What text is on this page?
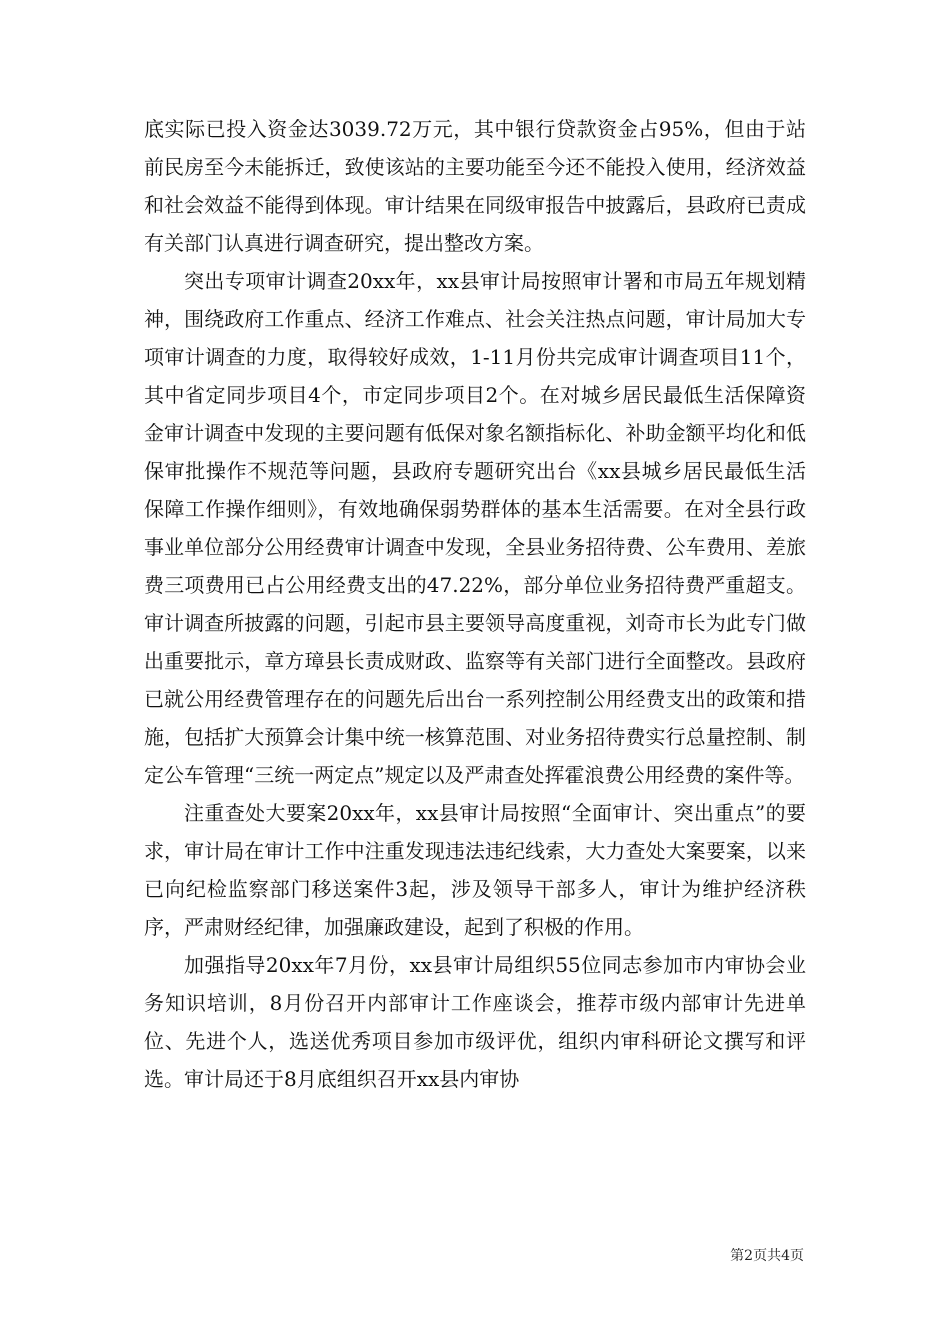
底实际已投入资金达3039.72万元，其中银行贷款资金占95%，但由于站前民房至今未能拆迁，致使该站的主要功能至今还不能投入使用，经济效益和社会效益不能得到体现。审计结果在同级审报告中披露后，县政府已责成有关部门认真进行调查研究，提出整改方案。

突出专项审计调查20xx年，xx县审计局按照审计署和市局五年规划精神，围绕政府工作重点、经济工作难点、社会关注热点问题，审计局加大专项审计调查的力度，取得较好成效，1-11月份共完成审计调查项目11个，其中省定同步项目4个，市定同步项目2个。在对城乡居民最低生活保障资金审计调查中发现的主要问题有低保对象名额指标化、补助金额平均化和低保审批操作不规范等问题，县政府专题研究出台《xx县城乡居民最低生活保障工作操作细则》，有效地确保弱势群体的基本生活需要。在对全县行政事业单位部分公用经费审计调查中发现，全县业务招待费、公车费用、差旅费三项费用已占公用经费支出的47.22%，部分单位业务招待费严重超支。审计调查所披露的问题，引起市县主要领导高度重视，刘奇市长为此专门做出重要批示，章方璋县长责成财政、监察等有关部门进行全面整改。县政府已就公用经费管理存在的问题先后出台一系列控制公用经费支出的政策和措施，包括扩大预算会计集中统一核算范围、对业务招待费实行总量控制、制定公车管理“三统一两定点”规定以及严肃查处挥霍浪费公用经费的案件等。

注重查处大要案20xx年，xx县审计局按照“全面审计、突出重点”的要求，审计局在审计工作中注重发现违法违纪线索，大力查处大案要案，以来已向纪检监察部门移送案件3起，涉及领导干部多人，审计为维护经济秩序，严肃财经纪律，加强廉政建设，起到了积极的作用。

加强指导20xx年7月份，xx县审计局组织55位同志参加市内审协会业务知识培训，8月份召开内部审计工作座谈会，推荐市级内部审计先进单位、先进个人，选送优秀项目参加市级评优，组织内审科研论文撰写和评选。审计局还于8月底组织召开xx县内审协

第2页共4页
